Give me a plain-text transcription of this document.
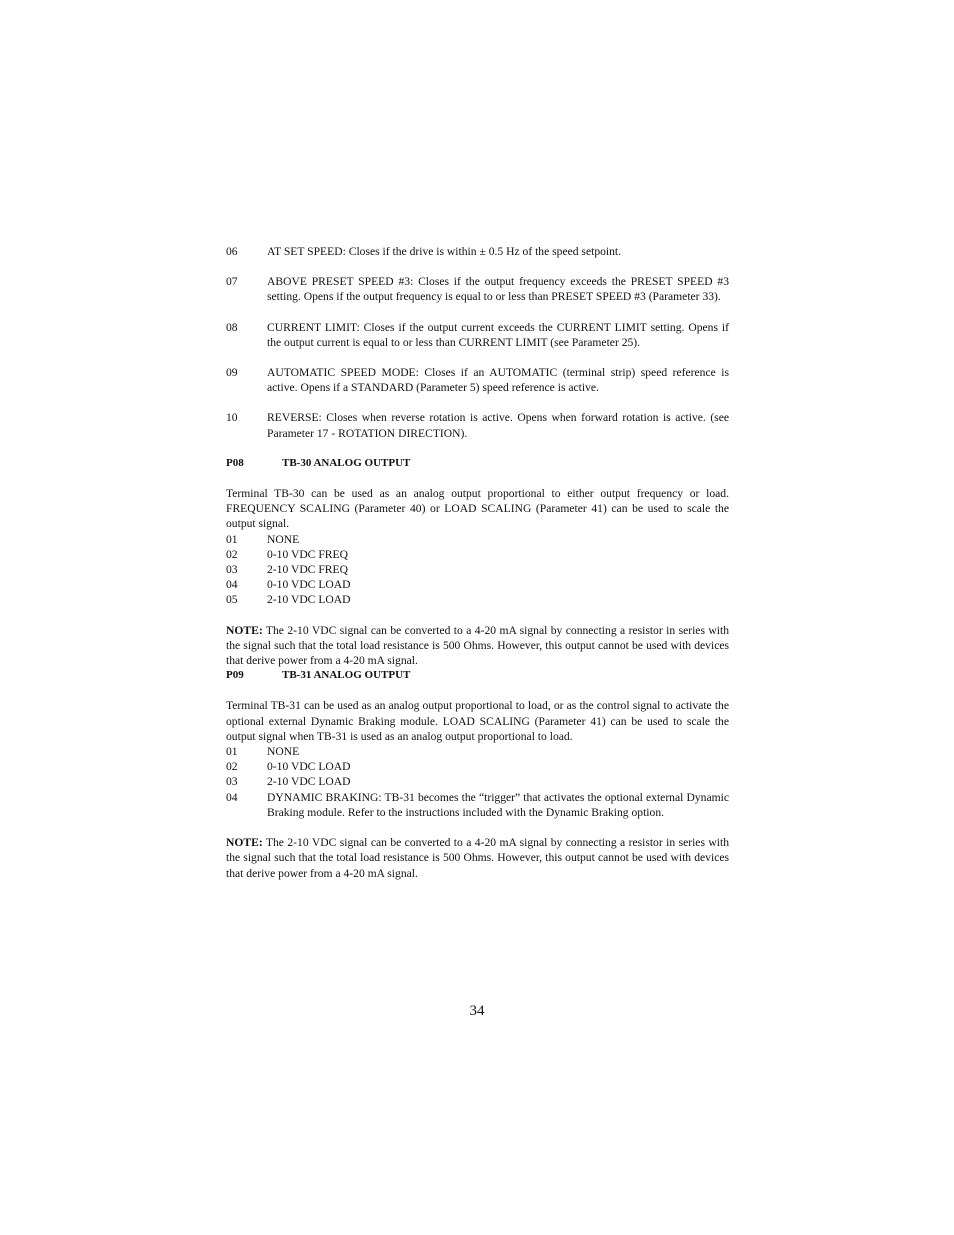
06	AT SET SPEED: Closes if the drive is within ± 0.5 Hz of the speed setpoint.
07	ABOVE PRESET SPEED #3: Closes if the output frequency exceeds the PRESET SPEED #3 setting. Opens if the output frequency is equal to or less than PRESET SPEED #3 (Parameter 33).
08	CURRENT LIMIT: Closes if the output current exceeds the CURRENT LIMIT setting. Opens if the output current is equal to or less than CURRENT LIMIT (see Parameter 25).
09	AUTOMATIC SPEED MODE: Closes if an AUTOMATIC (terminal strip) speed reference is active. Opens if a STANDARD (Parameter 5) speed reference is active.
10	REVERSE: Closes when reverse rotation is active. Opens when forward rotation is active. (see Parameter 17 - ROTATION DIRECTION).
P08	TB-30 ANALOG OUTPUT

Terminal TB-30 can be used as an analog output proportional to either output frequency or load. FREQUENCY SCALING (Parameter 40) or LOAD SCALING (Parameter 41) can be used to scale the output signal.

01	NONE
02	0-10 VDC FREQ
03	2-10 VDC FREQ
04	0-10 VDC LOAD
05	2-10 VDC LOAD

NOTE: The 2-10 VDC signal can be converted to a 4-20 mA signal by connecting a resistor in series with the signal such that the total load resistance is 500 Ohms. However, this output cannot be used with devices that derive power from a 4-20 mA signal.

P09	TB-31 ANALOG OUTPUT

Terminal TB-31 can be used as an analog output proportional to load, or as the control signal to activate the optional external Dynamic Braking module. LOAD SCALING (Parameter 41) can be used to scale the output signal when TB-31 is used as an analog output proportional to load.

01	NONE
02	0-10 VDC LOAD
03	2-10 VDC LOAD
04	DYNAMIC BRAKING: TB-31 becomes the “trigger” that activates the optional external Dynamic Braking module. Refer to the instructions included with the Dynamic Braking option.

NOTE: The 2-10 VDC signal can be converted to a 4-20 mA signal by connecting a resistor in series with the signal such that the total load resistance is 500 Ohms. However, this output cannot be used with devices that derive power from a 4-20 mA signal.

34
